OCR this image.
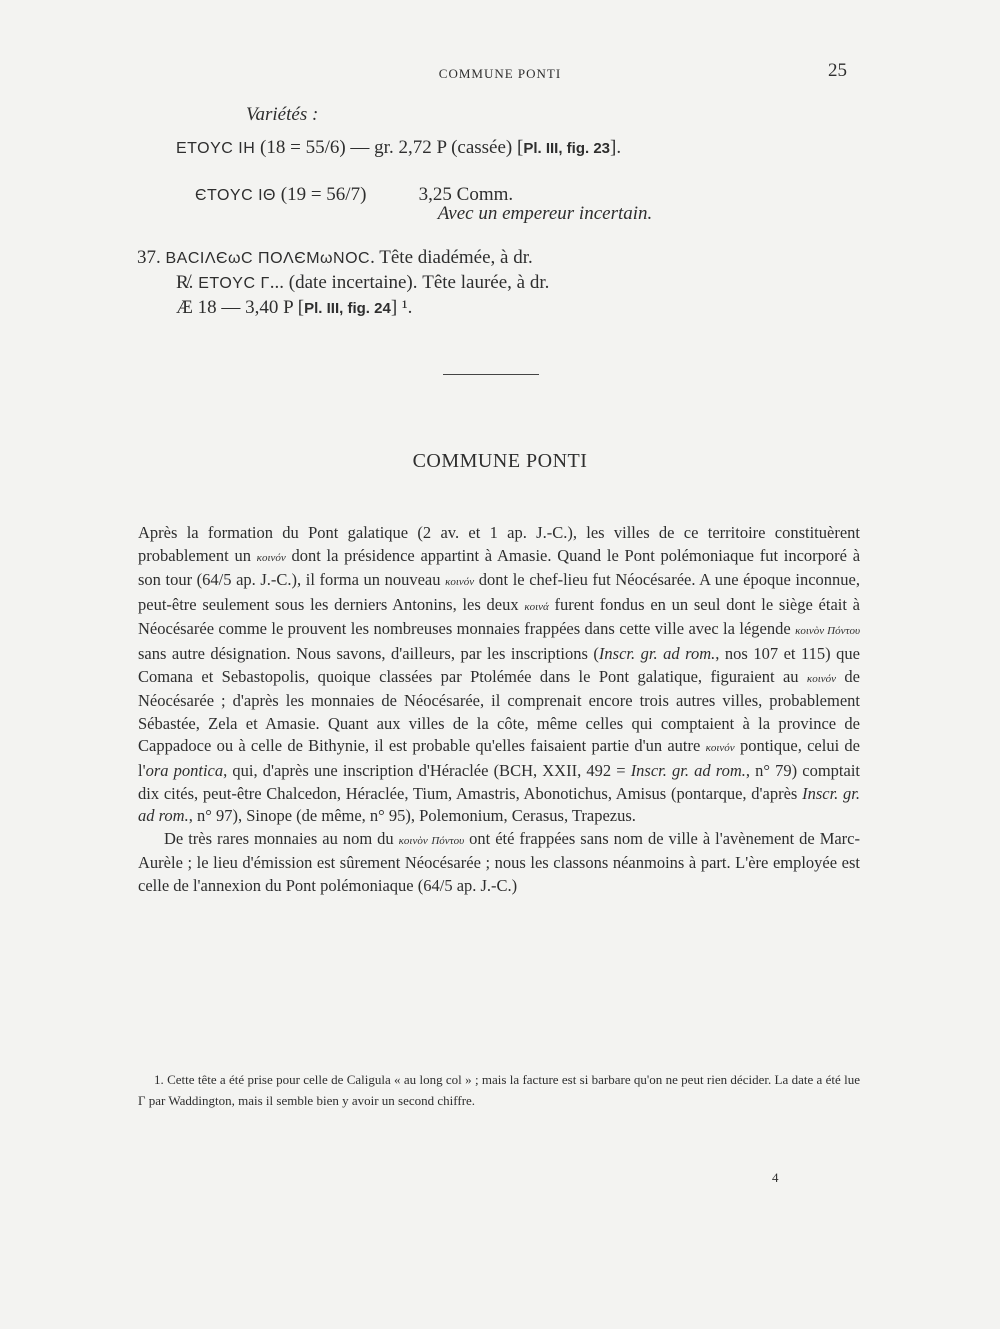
COMMUNE PONTI	25
Variétés :
ETOYC IH (18 = 55/6) — gr. 2,72 P (cassée) [Pl. III, fig. 23].

ЄTOYC IΘ (19 = 56/7)           3,25 Comm.

Avec un empereur incertain.
37. BACIΛЄωC ΠOΛЄMωNOC. Tête diadémée, à dr.
R̸. ETOYC Γ... (date incertaine). Tête laurée, à dr.
Æ 18 — 3,40 P [Pl. III, fig. 24] ¹.
COMMUNE PONTI

Après la formation du Pont galatique (2 av. et 1 ap. J.-C.), les villes de ce territoire constituèrent probablement un κοινόν dont la présidence appartint à Amasie. Quand le Pont polémoniaque fut incorporé à son tour (64/5 ap. J.-C.), il forma un nouveau κοινόν dont le chef-lieu fut Néocésarée. A une époque inconnue, peut-être seulement sous les derniers Antonins, les deux κοινά furent fondus en un seul dont le siège était à Néocésarée comme le prouvent les nombreuses monnaies frappées dans cette ville avec la légende κοινὸν Πόντου sans autre désignation. Nous savons, d'ailleurs, par les inscriptions (Inscr. gr. ad rom., nos 107 et 115) que Comana et Sebastopolis, quoique classées par Ptolémée dans le Pont galatique, figuraient au κοινόν de Néocésarée ; d'après les monnaies de Néocésarée, il comprenait encore trois autres villes, probablement Sébastée, Zela et Amasie. Quant aux villes de la côte, même celles qui comptaient à la province de Cappadoce ou à celle de Bithynie, il est probable qu'elles faisaient partie d'un autre κοινόν pontique, celui de l'ora pontica, qui, d'après une inscription d'Héraclée (BCH, XXII, 492 = Inscr. gr. ad rom., n° 79) comptait dix cités, peut-être Chalcedon, Héraclée, Tium, Amastris, Abonotichus, Amisus (pontarque, d'après Inscr. gr. ad rom., n° 97), Sinope (de même, n° 95), Polemonium, Cerasus, Trapezus.

De très rares monnaies au nom du κοινὸν Πόντου ont été frappées sans nom de ville à l'avènement de Marc-Aurèle ; le lieu d'émission est sûrement Néocésarée ; nous les classons néanmoins à part. L'ère employée est celle de l'annexion du Pont polémoniaque (64/5 ap. J.-C.)

1. Cette tête a été prise pour celle de Caligula « au long col » ; mais la facture est si barbare qu'on ne peut rien décider. La date a été lue Γ par Waddington, mais il semble bien y avoir un second chiffre.
4
